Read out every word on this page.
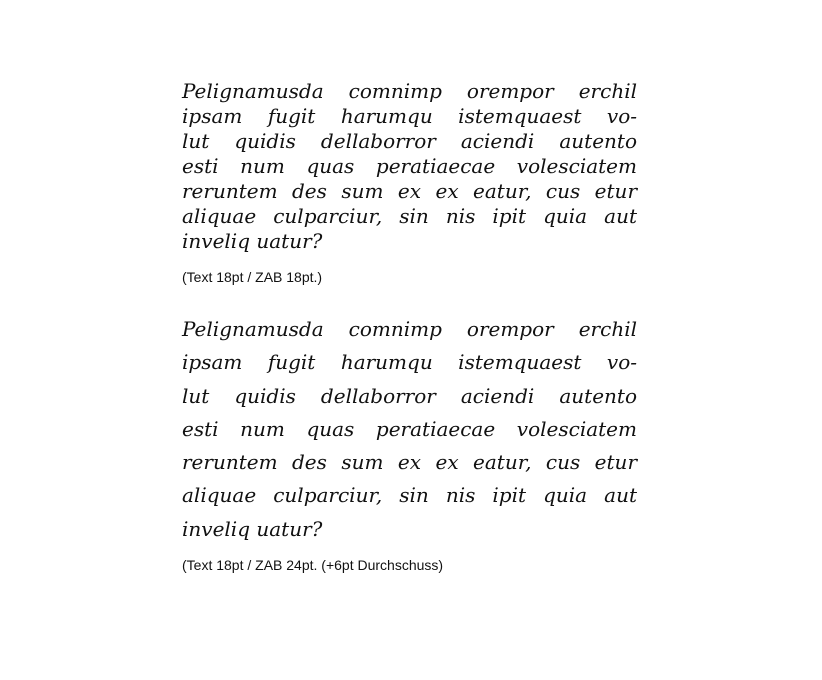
Pelignamusda comnimp orempor erchil
ipsam fugit harumqu istemquaest vo-
lut quidis dellaborror aciendi autento
esti num quas peratiaecae volesciatem
reruntem des sum ex ex eatur, cus etur
aliquae culparciur, sin nis ipit quia aut
inveliq uatur?
(Text 18pt / ZAB 18pt.)
Pelignamusda comnimp orempor erchil
ipsam fugit harumqu istemquaest vo-
lut quidis dellaborror aciendi autento
esti num quas peratiaecae volesciatem
reruntem des sum ex ex eatur, cus etur
aliquae culparciur, sin nis ipit quia aut
inveliq uatur?
(Text 18pt / ZAB 24pt. (+6pt Durchschuss)
